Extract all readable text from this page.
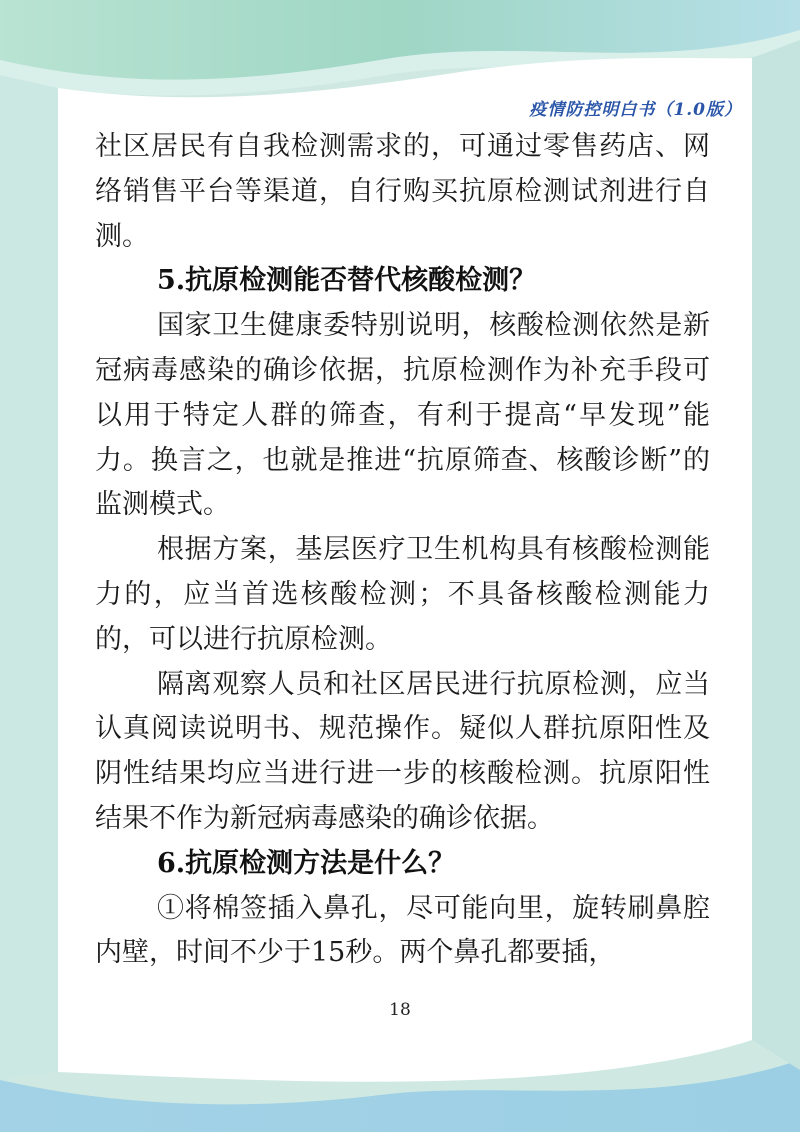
疫情防控明白书（1.0版）

社区居民有自我检测需求的，可通过零售药店、网络销售平台等渠道，自行购买抗原检测试剂进行自测。

5.抗原检测能否替代核酸检测？

国家卫生健康委特别说明，核酸检测依然是新冠病毒感染的确诊依据，抗原检测作为补充手段可以用于特定人群的筛查，有利于提高“早发现”能力。换言之，也就是推进“抗原筛查、核酸诊断”的监测模式。

根据方案，基层医疗卫生机构具有核酸检测能力的，应当首选核酸检测；不具备核酸检测能力的，可以进行抗原检测。

隔离观察人员和社区居民进行抗原检测，应当认真阅读说明书、规范操作。疑似人群抗原阳性及阴性结果均应当进行进一步的核酸检测。抗原阳性结果不作为新冠病毒感染的确诊依据。

6.抗原检测方法是什么？

①将棉签插入鼻孔，尽可能向里，旋转刷鼻腔内壁，时间不少于15秒。两个鼻孔都要插，

18
